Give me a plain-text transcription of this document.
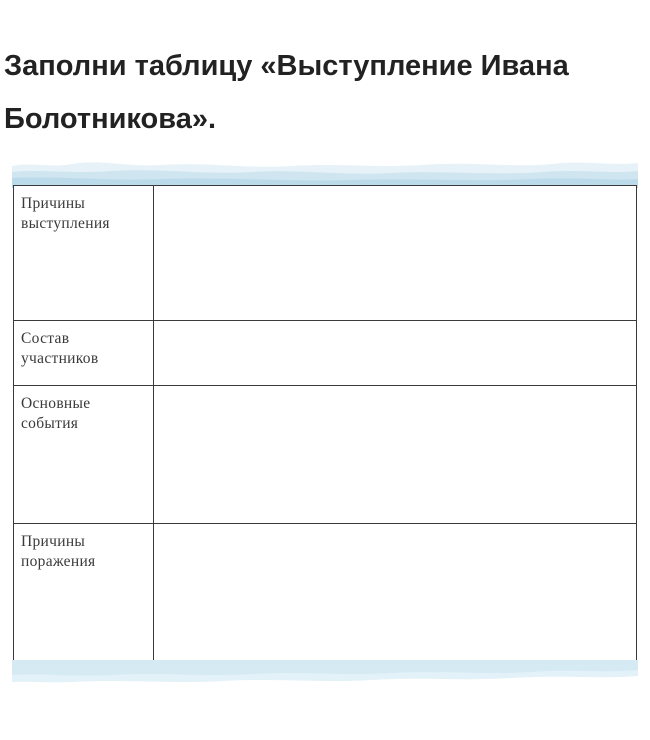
Заполни таблицу «Выступление Ивана Болотникова».
Причины
выступления
Состав
участников
Основные
события
Причины
поражения
